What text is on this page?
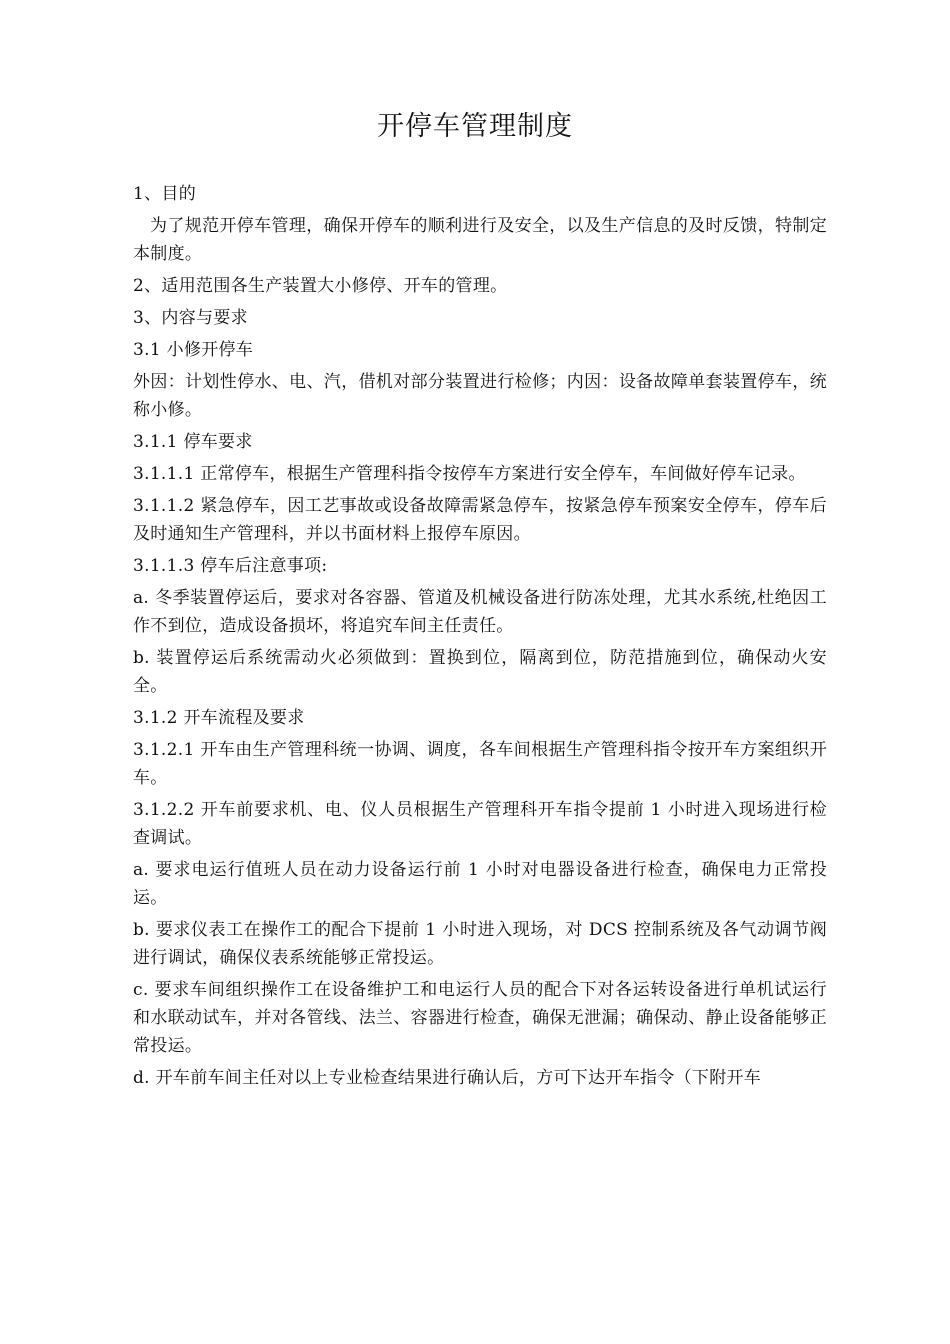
开停车管理制度

1、目的

为了规范开停车管理，确保开停车的顺利进行及安全，以及生产信息的及时反馈，特制定本制度。

2、适用范围各生产装置大小修停、开车的管理。

3、内容与要求

3.1 小修开停车

外因：计划性停水、电、汽，借机对部分装置进行检修；内因：设备故障单套装置停车，统称小修。

3.1.1 停车要求

3.1.1.1 正常停车，根据生产管理科指令按停车方案进行安全停车，车间做好停车记录。

3.1.1.2 紧急停车，因工艺事故或设备故障需紧急停车，按紧急停车预案安全停车，停车后及时通知生产管理科，并以书面材料上报停车原因。

3.1.1.3 停车后注意事项:

a. 冬季装置停运后，要求对各容器、管道及机械设备进行防冻处理，尤其水系统,杜绝因工作不到位，造成设备损坏，将追究车间主任责任。

b. 装置停运后系统需动火必须做到：置换到位，隔离到位，防范措施到位，确保动火安全。

3.1.2 开车流程及要求

3.1.2.1 开车由生产管理科统一协调、调度，各车间根据生产管理科指令按开车方案组织开车。

3.1.2.2 开车前要求机、电、仪人员根据生产管理科开车指令提前 1 小时进入现场进行检查调试。

a. 要求电运行值班人员在动力设备运行前 1 小时对电器设备进行检查，确保电力正常投运。

b. 要求仪表工在操作工的配合下提前 1 小时进入现场，对 DCS 控制系统及各气动调节阀进行调试，确保仪表系统能够正常投运。

c. 要求车间组织操作工在设备维护工和电运行人员的配合下对各运转设备进行单机试运行和水联动试车，并对各管线、法兰、容器进行检查，确保无泄漏；确保动、静止设备能够正常投运。

d. 开车前车间主任对以上专业检查结果进行确认后，方可下达开车指令（下附开车
